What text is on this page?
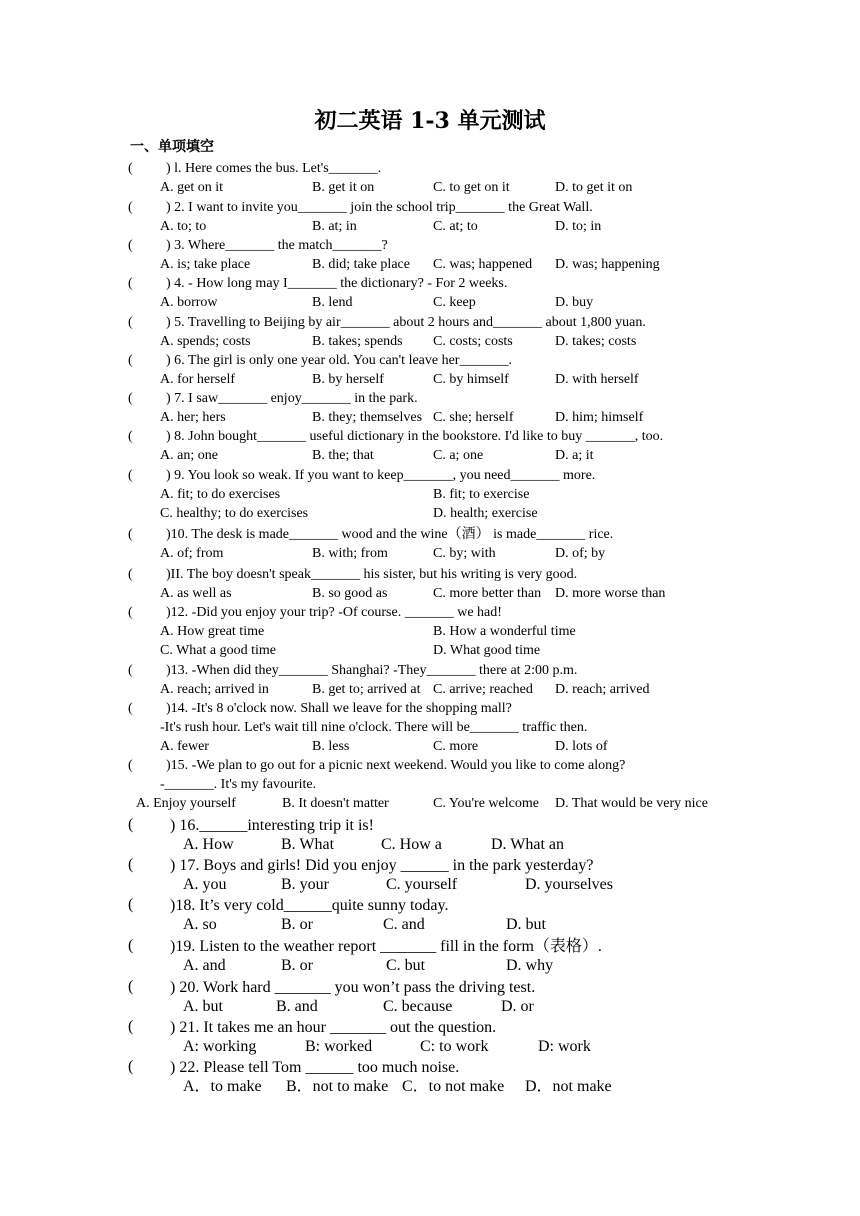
初二英语 1-3 单元测试
一、单项填空
( ) l. Here comes the bus. Let's_______.
A. get on it	B. get it on	C. to get on it	D. to get it on
( ) 2. I want to invite you_______ join the school trip_______ the Great Wall.
A. to; to	B. at; in	C. at; to	D. to; in
( ) 3. Where_______ the match_______?
A. is; take place	B. did; take place C. was; happened D. was; happening
( ) 4. - How long may I_______ the dictionary? - For 2 weeks.
A. borrow	B. lend	C. keep	D. buy
( ) 5. Travelling to Beijing by air_______ about 2 hours and_______ about 1,800 yuan.
A. spends; costs	B. takes; spends C. costs; costs	D. takes; costs
( ) 6. The girl is only one year old. You can't leave her_______.
A. for herself	B. by herself	C. by himself	D. with herself
( ) 7. I saw_______ enjoy_______ in the park.
A. her; hers	B. they; themselves C. she; herself	D. him; himself
( ) 8. John bought_______ useful dictionary in the bookstore. I'd like to buy _______, too.
A. an; one	B. the; that	C. a; one	D. a; it
( ) 9. You look so weak. If you want to keep_______, you need_______ more.
A. fit; to do exercises	B. fit; to exercise
C. healthy; to do exercises	D. health; exercise
( )10. The desk is made_______ wood and the wine（酒） is made_______ rice.
A. of; from	B. with; from	C. by; with	D. of; by
( )II. The boy doesn't speak_______ his sister, but his writing is very good.
A. as well as	B. so good as	C. more better than D. more worse than
( )12. -Did you enjoy your trip? -Of course. _______ we had!
A. How great time	B. How a wonderful time
C. What a good time	D. What good time
( )13. -When did they_______ Shanghai? -They_______ there at 2:00 p.m.
A. reach; arrived in	B. get to; arrived at C. arrive; reached D. reach; arrived
( )14. -It's 8 o'clock now. Shall we leave for the shopping mall?
-It's rush hour. Let's wait till nine o'clock. There will be_______ traffic then.
A. fewer	B. less	C. more	D. lots of
( )15. -We plan to go out for a picnic next weekend. Would you like to come along?
-_______. It's my favourite.
A. Enjoy yourself	B. It doesn't matter	C. You're welcome D. That would be very nice
( ) 16.______interesting trip it is!
A. How	B. What	C. How a	D. What an
( ) 17. Boys and girls! Did you enjoy ______ in the park yesterday?
A. you	B. your	C. yourself	D. yourselves
( )18. It’s very cold______quite sunny today.
A. so	B. or	C. and	D. but
( )19. Listen to the weather report _______ fill in the form（表格）.
A. and	B. or	C. but	D. why
( ) 20. Work hard _______ you won’t pass the driving test.
A. but	B. and	C. because	D. or
( ) 21. It takes me an hour _______ out the question.
A: working	B: worked	C: to work	D: work
( ) 22. Please tell Tom ______ too much noise.
A．to make B．not to make C．to not make D．not make
